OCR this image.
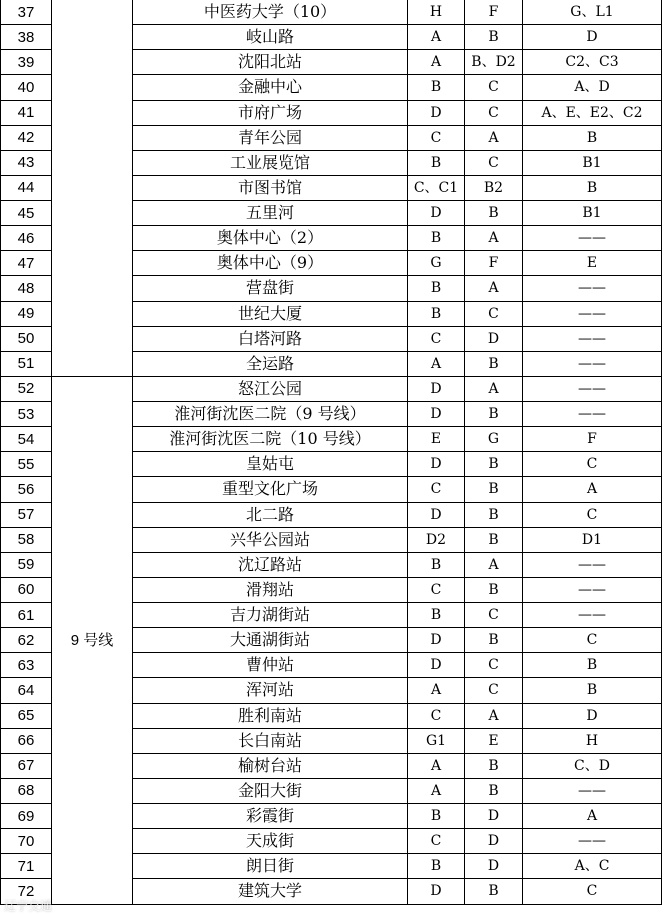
37		中医药大学（10）	H	F	G、L1
38		岐山路	A	B	D
39		沈阳北站	A	B、D2	C2、C3
40		金融中心	B	C	A、D
41		市府广场	D	C	A、E、E2、C2
42		青年公园	C	A	B
43		工业展览馆	B	C	B1
44		市图书馆	C、C1	B2	B
45		五里河	D	B	B1
46		奥体中心（2）	B	A	——
47		奥体中心（9）	G	F	E
48		营盘街	B	A	——
49		世纪大厦	B	C	——
50		白塔河路	C	D	——
51		全运路	A	B	——
52	9 号线	怒江公园	D	A	——
53		淮河街沈医二院（9 号线）	D	B	——
54		淮河街沈医二院（10 号线）	E	G	F
55		皇姑屯	D	B	C
56		重型文化广场	C	B	A
57		北二路	D	B	C
58		兴华公园站	D2	B	D1
59		沈辽路站	B	A	——
60		滑翔站	C	B	——
61		吉力湖街站	B	C	——
62		大通湖街站	D	B	C
63		曹仲站	D	C	B
64		浑河站	A	C	B
65		胜利南站	C	A	D
66		长白南站	G1	E	H
67		榆树台站	A	B	C、D
68		金阳大街	A	B	——
69		彩霞街	B	D	A
70		天成街	C	D	——
71		朗日街	B	D	A、C
72		建筑大学	D	B	C
辽宁交通
